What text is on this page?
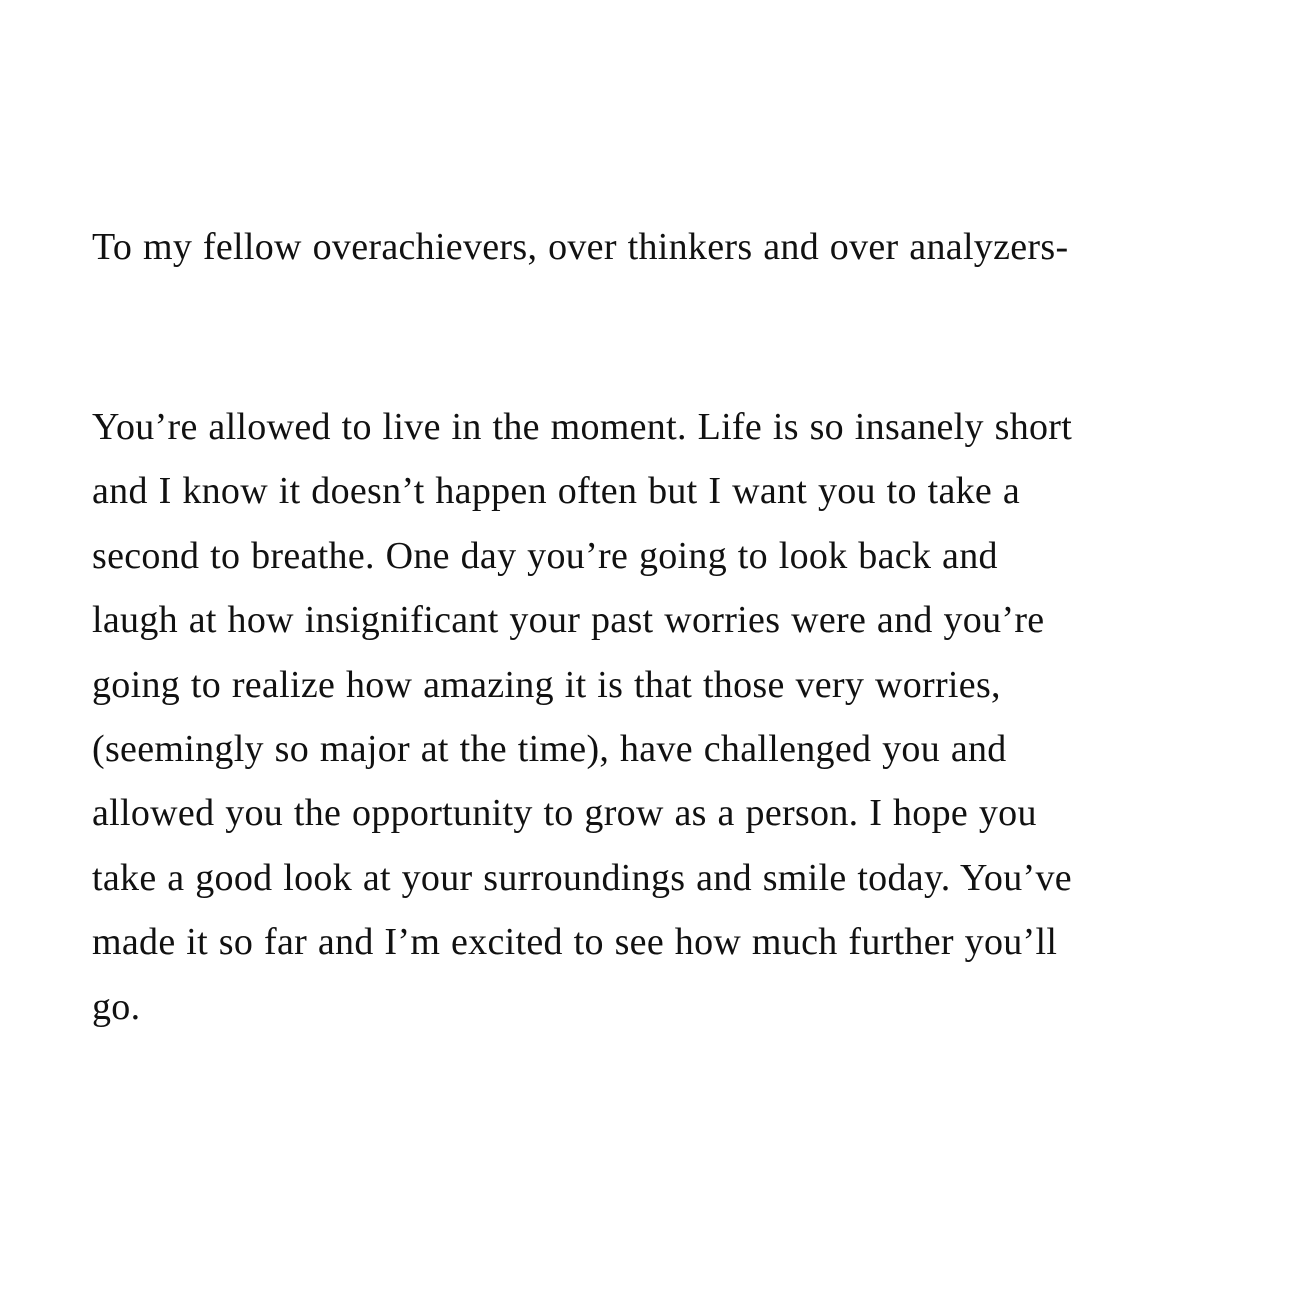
To my fellow overachievers, over thinkers and over analyzers-
You’re allowed to live in the moment. Life is so insanely short
and I know it doesn’t happen often but I want you to take a
second to breathe. One day you’re going to look back and
laugh at how insignificant your past worries were and you’re
going to realize how amazing it is that those very worries,
(seemingly so major at the time), have challenged you and
allowed you the opportunity to grow as a person. I hope you
take a good look at your surroundings and smile today. You’ve
made it so far and I’m excited to see how much further you’ll
go.
